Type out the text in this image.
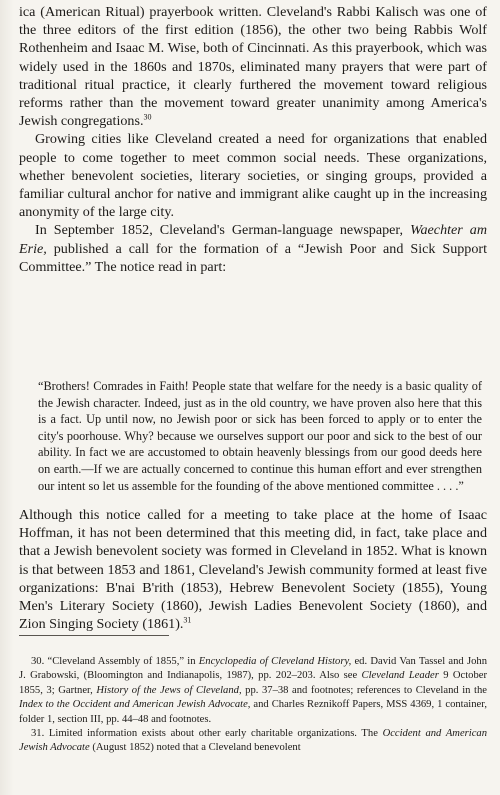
ica (American Ritual) prayerbook written. Cleveland's Rabbi Kalisch was one of the three editors of the first edition (1856), the other two being Rabbis Wolf Rothenheim and Isaac M. Wise, both of Cincinnati. As this prayerbook, which was widely used in the 1860s and 1870s, eliminated many prayers that were part of traditional ritual practice, it clearly furthered the movement toward religious reforms rather than the movement toward greater unanimity among America's Jewish congregations.$^{30}$

Growing cities like Cleveland created a need for organizations that enabled people to come together to meet common social needs. These organizations, whether benevolent societies, literary societies, or singing groups, provided a familiar cultural anchor for native and immigrant alike caught up in the increasing anonymity of the large city.

In September 1852, Cleveland's German-language newspaper, Waechter am Erie, published a call for the formation of a “Jewish Poor and Sick Support Committee.” The notice read in part:

“Brothers! Comrades in Faith! People state that welfare for the needy is a basic quality of the Jewish character. Indeed, just as in the old country, we have proven also here that this is a fact. Up until now, no Jewish poor or sick has been forced to apply or to enter the city's poorhouse. Why? because we ourselves support our poor and sick to the best of our ability. In fact we are accustomed to obtain heavenly blessings from our good deeds here on earth.—If we are actually concerned to continue this human effort and ever strengthen our intent so let us assemble for the founding of the above mentioned committee . . . .”
Although this notice called for a meeting to take place at the home of Isaac Hoffman, it has not been determined that this meeting did, in fact, take place and that a Jewish benevolent society was formed in Cleveland in 1852. What is known is that between 1853 and 1861, Cleveland's Jewish community formed at least five organizations: B'nai B'rith (1853), Hebrew Benevolent Society (1855), Young Men's Literary Society (1860), Jewish Ladies Benevolent Society (1860), and Zion Singing Society (1861).$^{31}$

30. “Cleveland Assembly of 1855,” in Encyclopedia of Cleveland History, ed. David Van Tassel and John J. Grabowski, (Bloomington and Indianapolis, 1987), pp. 202–203. Also see Cleveland Leader 9 October 1855, 3; Gartner, History of the Jews of Cleveland, pp. 37–38 and footnotes; references to Cleveland in the Index to the Occident and American Jewish Advocate, and Charles Reznikoff Papers, MSS 4369, 1 container, folder 1, section III, pp. 44–48 and footnotes.

31. Limited information exists about other early charitable organizations. The Occident and American Jewish Advocate (August 1852) noted that a Cleveland benevolent
